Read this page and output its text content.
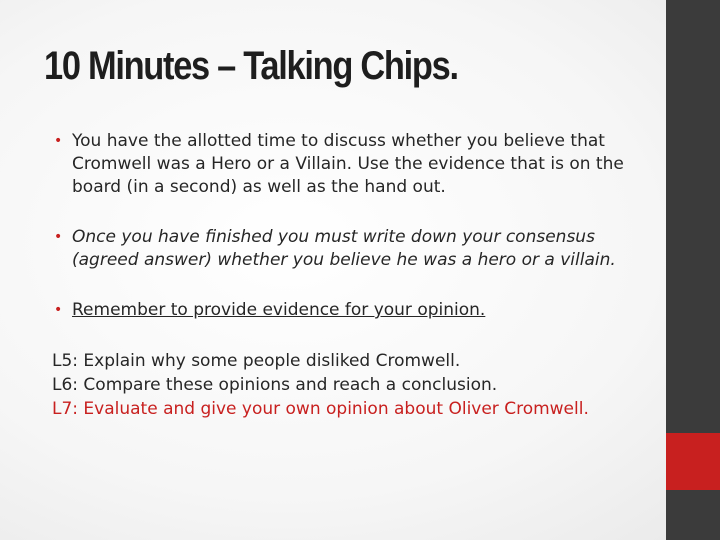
10 Minutes – Talking Chips.
• You have the allotted time to discuss whether you believe that Cromwell was a Hero or a Villain. Use the evidence that is on the board (in a second) as well as the hand out.
• Once you have finished you must write down your consensus (agreed answer) whether you believe he was a hero or a villain.
• Remember to provide evidence for your opinion.

L5: Explain why some people disliked Cromwell.

L6: Compare these opinions and reach a conclusion.

L7: Evaluate and give your own opinion about Oliver Cromwell.
